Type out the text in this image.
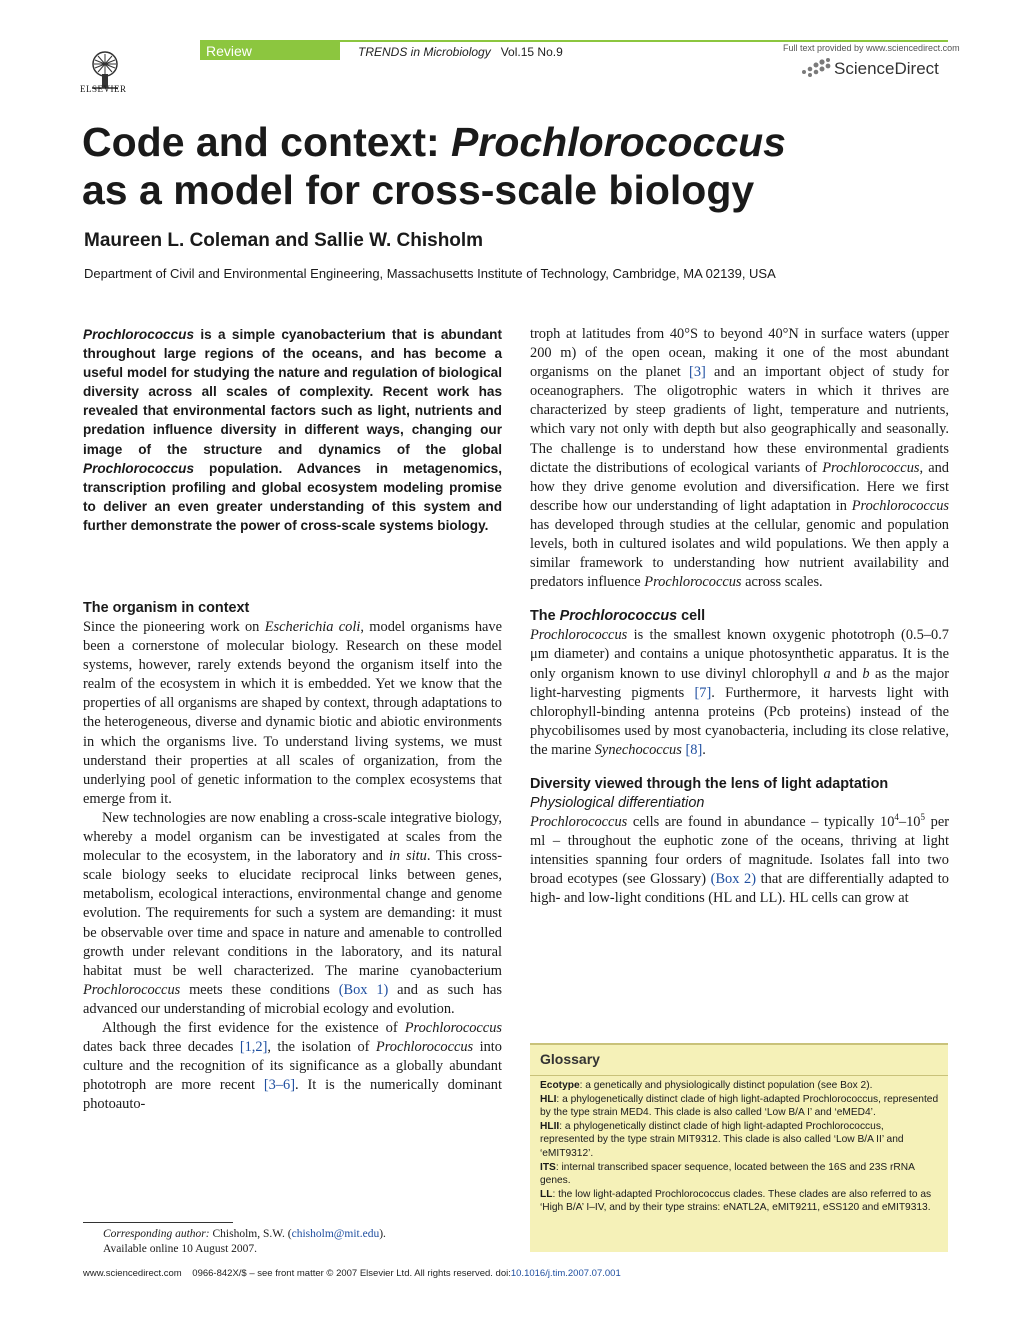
Review	TRENDS in Microbiology Vol.15 No.9
ELSEVIER
Full text provided by www.sciencedirect.com
ScienceDirect
Code and context: Prochlorococcus
as a model for cross-scale biology
Maureen L. Coleman and Sallie W. Chisholm
Department of Civil and Environmental Engineering, Massachusetts Institute of Technology, Cambridge, MA 02139, USA
Prochlorococcus is a simple cyanobacterium that is abundant throughout large regions of the oceans, and has become a useful model for studying the nature and regulation of biological diversity across all scales of complexity. Recent work has revealed that environmental factors such as light, nutrients and predation influence diversity in different ways, changing our image of the structure and dynamics of the global Prochlorococcus population. Advances in metagenomics, transcription profiling and global ecosystem modeling promise to deliver an even greater understanding of this system and further demonstrate the power of cross-scale systems biology.
The organism in context

Since the pioneering work on Escherichia coli, model organisms have been a cornerstone of molecular biology. Research on these model systems, however, rarely extends beyond the organism itself into the realm of the ecosystem in which it is embedded. Yet we know that the properties of all organisms are shaped by context, through adaptations to the heterogeneous, diverse and dynamic biotic and abiotic environments in which the organisms live. To understand living systems, we must understand their properties at all scales of organization, from the underlying pool of genetic information to the complex ecosystems that emerge from it.

New technologies are now enabling a cross-scale integrative biology, whereby a model organism can be investigated at scales from the molecular to the ecosystem, in the laboratory and in situ. This cross-scale biology seeks to elucidate reciprocal links between genes, metabolism, ecological interactions, environmental change and genome evolution. The requirements for such a system are demanding: it must be observable over time and space in nature and amenable to controlled growth under relevant conditions in the laboratory, and its natural habitat must be well characterized. The marine cyanobacterium Prochlorococcus meets these conditions (Box 1) and as such has advanced our understanding of microbial ecology and evolution.

Although the first evidence for the existence of Prochlorococcus dates back three decades [1,2], the isolation of Prochlorococcus into culture and the recognition of its significance as a globally abundant phototroph are more recent [3–6]. It is the numerically dominant photoauto-

Corresponding author: Chisholm, S.W. (chisholm@mit.edu).
Available online 10 August 2007.

troph at latitudes from 40°S to beyond 40°N in surface waters (upper 200 m) of the open ocean, making it one of the most abundant organisms on the planet [3] and an important object of study for oceanographers. The oligotrophic waters in which it thrives are characterized by steep gradients of light, temperature and nutrients, which vary not only with depth but also geographically and seasonally. The challenge is to understand how these environmental gradients dictate the distributions of ecological variants of Prochlorococcus, and how they drive genome evolution and diversification. Here we first describe how our understanding of light adaptation in Prochlorococcus has developed through studies at the cellular, genomic and population levels, both in cultured isolates and wild populations. We then apply a similar framework to understanding how nutrient availability and predators influence Prochlorococcus across scales.

The Prochlorococcus cell

Prochlorococcus is the smallest known oxygenic phototroph (0.5–0.7 μm diameter) and contains a unique photosynthetic apparatus. It is the only organism known to use divinyl chlorophyll a and b as the major light-harvesting pigments [7]. Furthermore, it harvests light with chlorophyll-binding antenna proteins (Pcb proteins) instead of the phycobilisomes used by most cyanobacteria, including its close relative, the marine Synechococcus [8].

Diversity viewed through the lens of light adaptation
Physiological differentiation

Prochlorococcus cells are found in abundance – typically $10^4-10^5$ per ml – throughout the euphotic zone of the oceans, thriving at light intensities spanning four orders of magnitude. Isolates fall into two broad ecotypes (see Glossary) (Box 2) that are differentially adapted to high- and low-light conditions (HL and LL). HL cells can grow at

Glossary
Ecotype: a genetically and physiologically distinct population (see Box 2).
HLI: a phylogenetically distinct clade of high light-adapted Prochlorococcus, represented by the type strain MED4. This clade is also called ‘Low B/A I’ and ‘eMED4’.
HLII: a phylogenetically distinct clade of high light-adapted Prochlorococcus, represented by the type strain MIT9312. This clade is also called ‘Low B/A II’ and ‘eMIT9312’.
ITS: internal transcribed spacer sequence, located between the 16S and 23S rRNA genes.
LL: the low light-adapted Prochlorococcus clades. These clades are also referred to as ‘High B/A’ I–IV, and by their type strains: eNATL2A, eMIT9211, eSS120 and eMIT9313.
www.sciencedirect.com 0966-842X/$ – see front matter © 2007 Elsevier Ltd. All rights reserved. doi:10.1016/j.tim.2007.07.001
